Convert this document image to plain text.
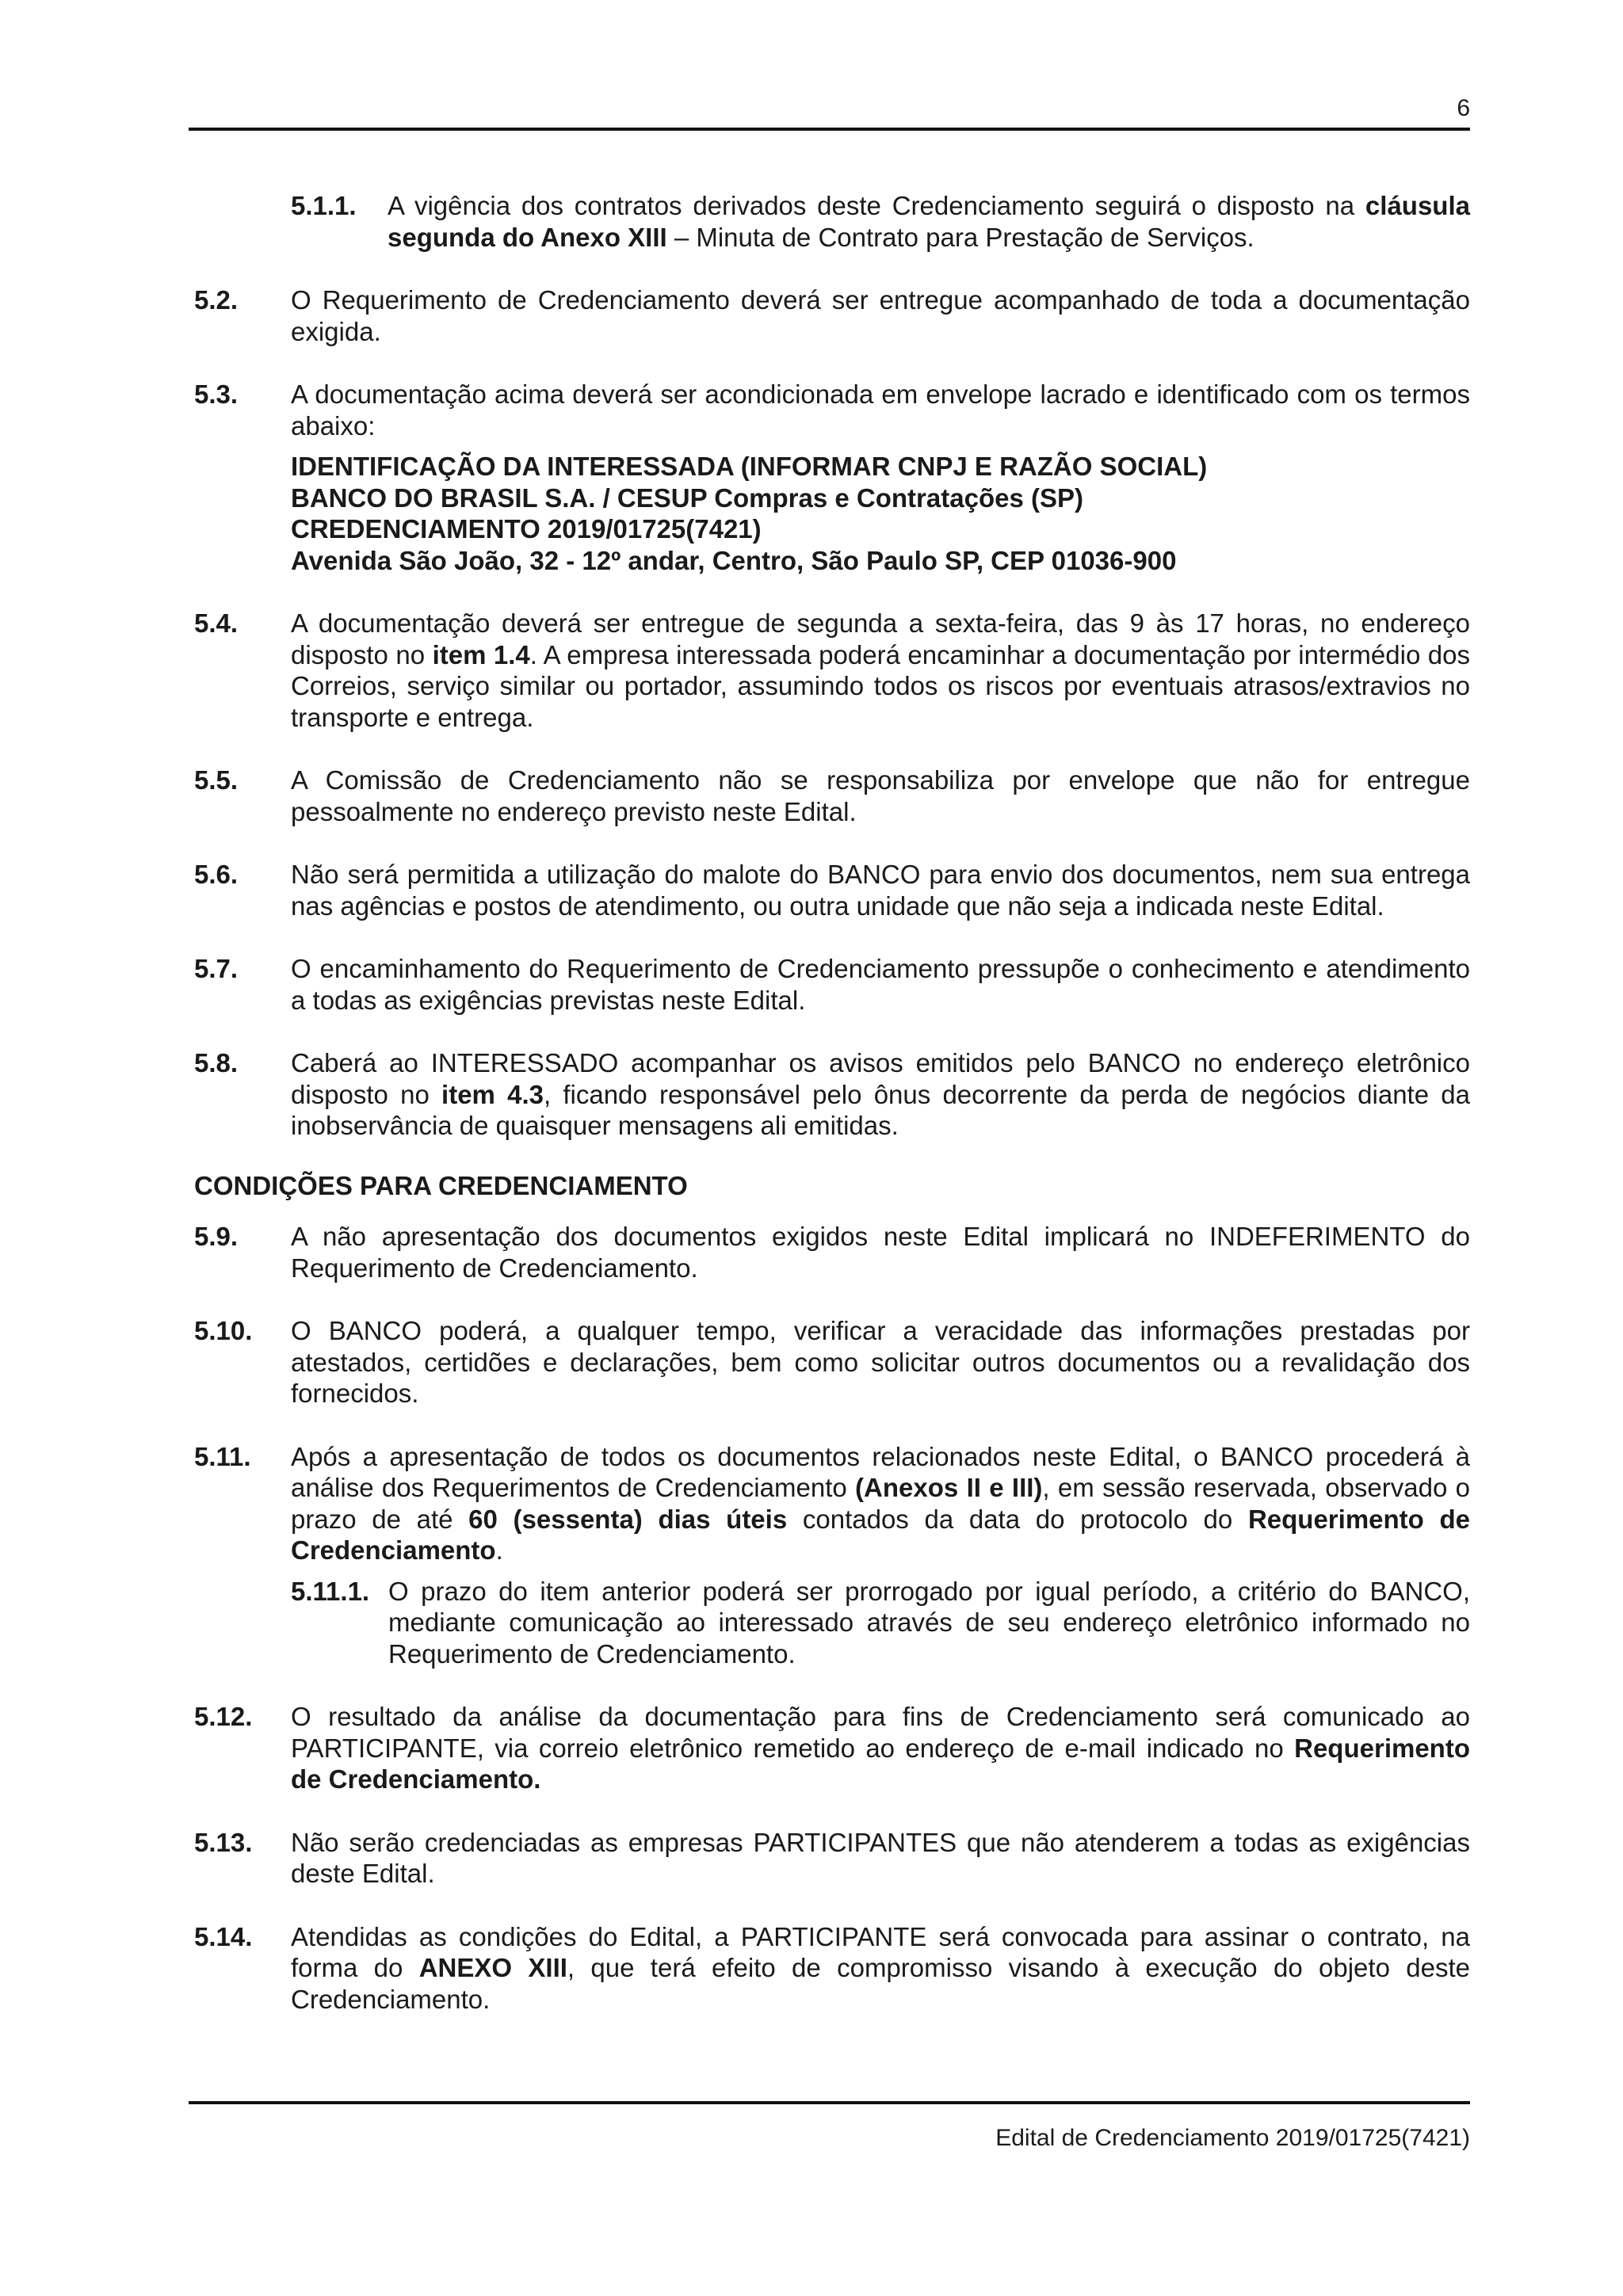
6
5.1.1. A vigência dos contratos derivados deste Credenciamento seguirá o disposto na cláusula segunda do Anexo XIII – Minuta de Contrato para Prestação de Serviços.

5.2. O Requerimento de Credenciamento deverá ser entregue acompanhado de toda a documentação exigida.

5.3. A documentação acima deverá ser acondicionada em envelope lacrado e identificado com os termos abaixo:

IDENTIFICAÇÃO DA INTERESSADA (INFORMAR CNPJ E RAZÃO SOCIAL)
BANCO DO BRASIL S.A. / CESUP Compras e Contratações (SP)
CREDENCIAMENTO 2019/01725(7421)
Avenida São João, 32 - 12º andar, Centro, São Paulo SP, CEP 01036-900
5.4. A documentação deverá ser entregue de segunda a sexta-feira, das 9 às 17 horas, no endereço disposto no item 1.4. A empresa interessada poderá encaminhar a documentação por intermédio dos Correios, serviço similar ou portador, assumindo todos os riscos por eventuais atrasos/extravios no transporte e entrega.

5.5. A Comissão de Credenciamento não se responsabiliza por envelope que não for entregue pessoalmente no endereço previsto neste Edital.

5.6. Não será permitida a utilização do malote do BANCO para envio dos documentos, nem sua entrega nas agências e postos de atendimento, ou outra unidade que não seja a indicada neste Edital.

5.7. O encaminhamento do Requerimento de Credenciamento pressupõe o conhecimento e atendimento a todas as exigências previstas neste Edital.

5.8. Caberá ao INTERESSADO acompanhar os avisos emitidos pelo BANCO no endereço eletrônico disposto no item 4.3, ficando responsável pelo ônus decorrente da perda de negócios diante da inobservância de quaisquer mensagens ali emitidas.

CONDIÇÕES PARA CREDENCIAMENTO
5.9. A não apresentação dos documentos exigidos neste Edital implicará no INDEFERIMENTO do Requerimento de Credenciamento.

5.10. O BANCO poderá, a qualquer tempo, verificar a veracidade das informações prestadas por atestados, certidões e declarações, bem como solicitar outros documentos ou a revalidação dos fornecidos.

5.11. Após a apresentação de todos os documentos relacionados neste Edital, o BANCO procederá à análise dos Requerimentos de Credenciamento (Anexos II e III), em sessão reservada, observado o prazo de até 60 (sessenta) dias úteis contados da data do protocolo do Requerimento de Credenciamento.

5.11.1. O prazo do item anterior poderá ser prorrogado por igual período, a critério do BANCO, mediante comunicação ao interessado através de seu endereço eletrônico informado no Requerimento de Credenciamento.

5.12. O resultado da análise da documentação para fins de Credenciamento será comunicado ao PARTICIPANTE, via correio eletrônico remetido ao endereço de e-mail indicado no Requerimento de Credenciamento.

5.13. Não serão credenciadas as empresas PARTICIPANTES que não atenderem a todas as exigências deste Edital.

5.14. Atendidas as condições do Edital, a PARTICIPANTE será convocada para assinar o contrato, na forma do ANEXO XIII, que terá efeito de compromisso visando à execução do objeto deste Credenciamento.

Edital de Credenciamento 2019/01725(7421)
